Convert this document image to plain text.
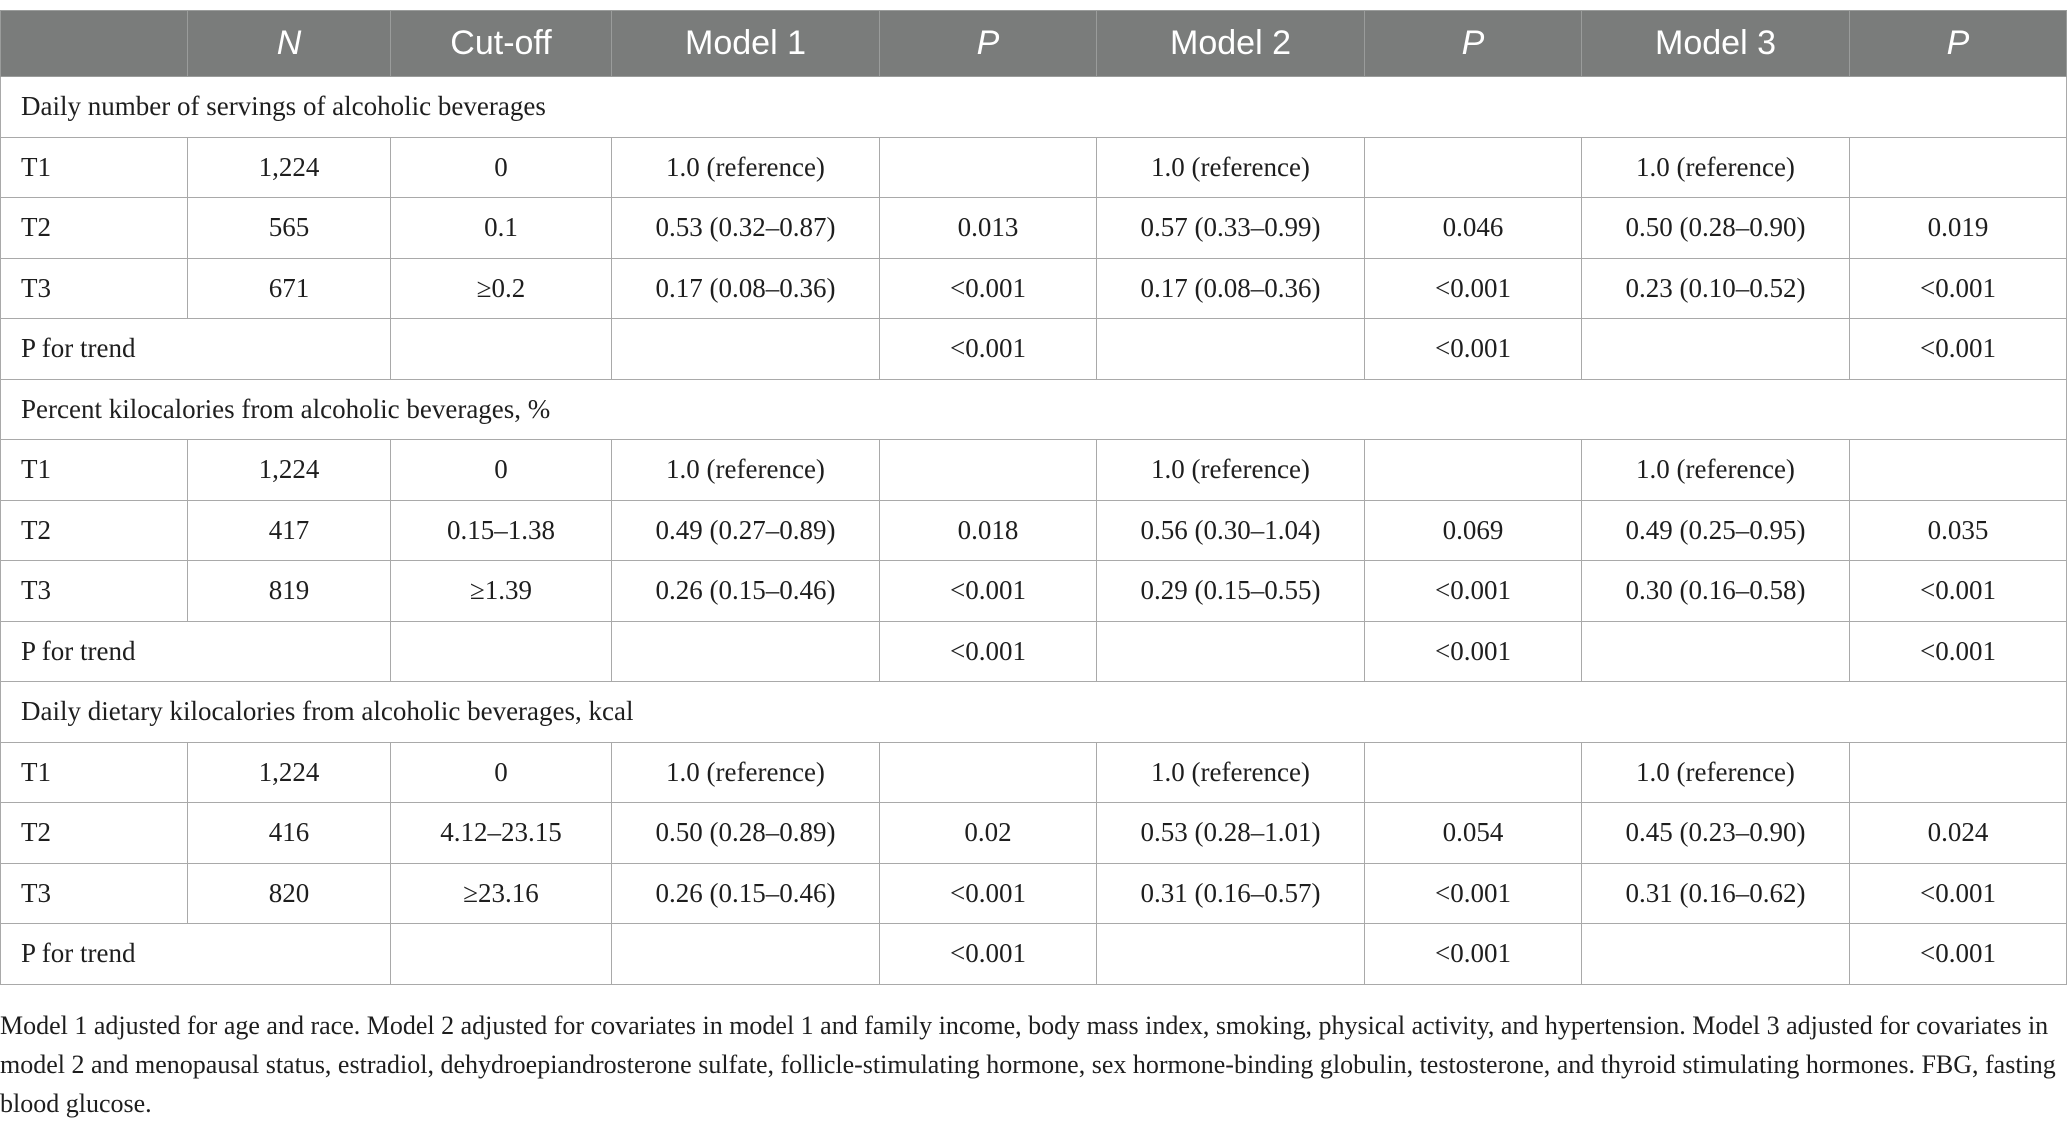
	N	Cut-off	Model 1	P	Model 2	P	Model 3	P
Daily number of servings of alcoholic beverages								
T1	1,224	0	1.0 (reference)		1.0 (reference)		1.0 (reference)	
T2	565	0.1	0.53 (0.32–0.87)	0.013	0.57 (0.33–0.99)	0.046	0.50 (0.28–0.90)	0.019
T3	671	≥0.2	0.17 (0.08–0.36)	<0.001	0.17 (0.08–0.36)	<0.001	0.23 (0.10–0.52)	<0.001
P for trend				<0.001		<0.001		<0.001
Percent kilocalories from alcoholic beverages, %								
T1	1,224	0	1.0 (reference)		1.0 (reference)		1.0 (reference)	
T2	417	0.15–1.38	0.49 (0.27–0.89)	0.018	0.56 (0.30–1.04)	0.069	0.49 (0.25–0.95)	0.035
T3	819	≥1.39	0.26 (0.15–0.46)	<0.001	0.29 (0.15–0.55)	<0.001	0.30 (0.16–0.58)	<0.001
P for trend				<0.001		<0.001		<0.001
Daily dietary kilocalories from alcoholic beverages, kcal								
T1	1,224	0	1.0 (reference)		1.0 (reference)		1.0 (reference)	
T2	416	4.12–23.15	0.50 (0.28–0.89)	0.02	0.53 (0.28–1.01)	0.054	0.45 (0.23–0.90)	0.024
T3	820	≥23.16	0.26 (0.15–0.46)	<0.001	0.31 (0.16–0.57)	<0.001	0.31 (0.16–0.62)	<0.001
P for trend				<0.001		<0.001		<0.001

Model 1 adjusted for age and race. Model 2 adjusted for covariates in model 1 and family income, body mass index, smoking, physical activity, and hypertension. Model 3 adjusted for covariates in model 2 and menopausal status, estradiol, dehydroepiandrosterone sulfate, follicle-stimulating hormone, sex hormone-binding globulin, testosterone, and thyroid stimulating hormones. FBG, fasting blood glucose.
